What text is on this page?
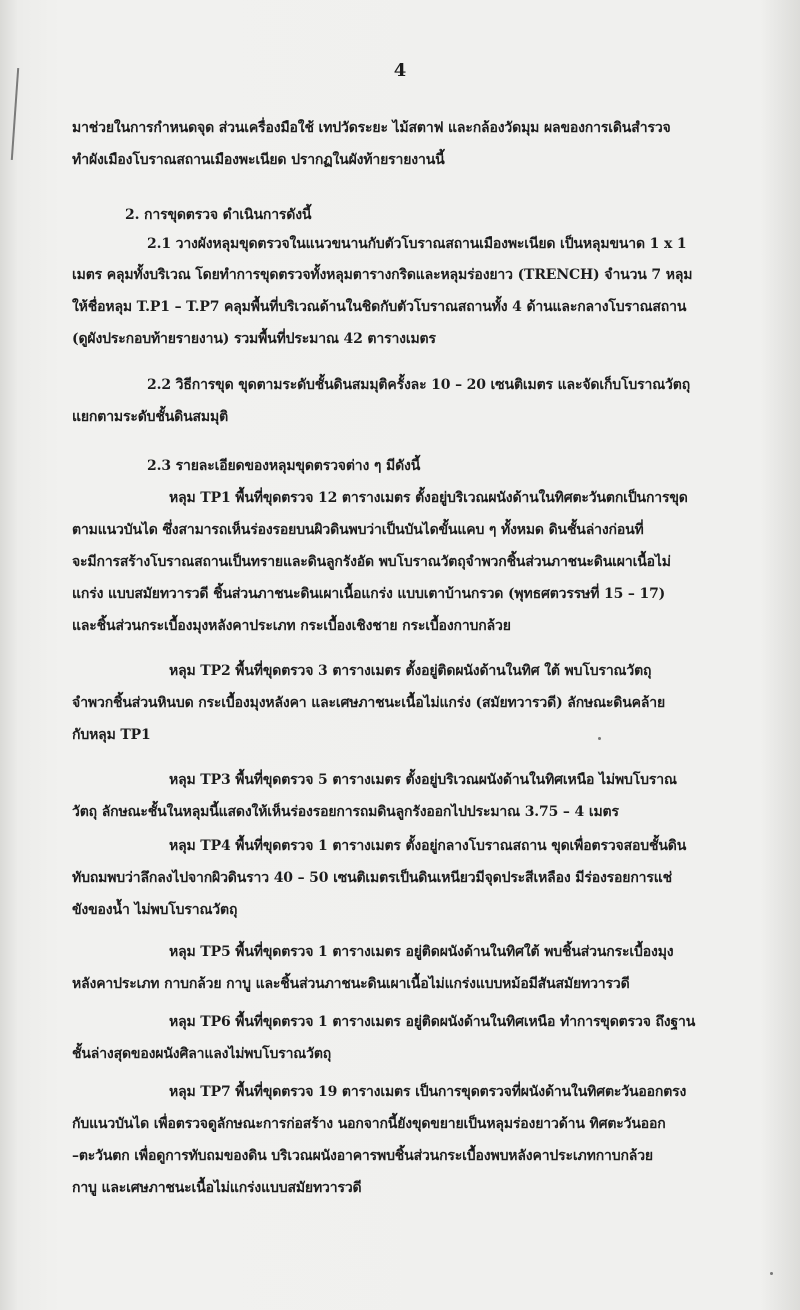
4
มาช่วยในการกำหนดจุด ส่วนเครื่องมือใช้ เทปวัดระยะ ไม้สตาฟ และกล้องวัดมุม ผลของการเดินสำรวจ
ทำผังเมืองโบราณสถานเมืองพะเนียด ปรากฏในผังท้ายรายงานนี้
2. การขุดตรวจ ดำเนินการดังนี้
2.1 วางผังหลุมขุดตรวจในแนวขนานกับตัวโบราณสถานเมืองพะเนียด เป็นหลุมขนาด 1 x 1
เมตร คลุมทั้งบริเวณ โดยทำการขุดตรวจทั้งหลุมตารางกริดและหลุมร่องยาว (TRENCH) จำนวน 7 หลุม
ให้ชื่อหลุม T.P1 – T.P7 คลุมพื้นที่บริเวณด้านในชิดกับตัวโบราณสถานทั้ง 4 ด้านและกลางโบราณสถาน
(ดูผังประกอบท้ายรายงาน) รวมพื้นที่ประมาณ 42 ตารางเมตร
2.2 วิธีการขุด ขุดตามระดับชั้นดินสมมุติครั้งละ 10 – 20 เซนติเมตร และจัดเก็บโบราณวัตถุ
แยกตามระดับชั้นดินสมมุติ
2.3 รายละเอียดของหลุมขุดตรวจต่าง ๆ มีดังนี้
หลุม TP1 พื้นที่ขุดตรวจ 12 ตารางเมตร ตั้งอยู่บริเวณผนังด้านในทิศตะวันตกเป็นการขุด
ตามแนวบันได ซึ่งสามารถเห็นร่องรอยบนผิวดินพบว่าเป็นบันไดขั้นแคบ ๆ ทั้งหมด ดินชั้นล่างก่อนที่
จะมีการสร้างโบราณสถานเป็นทรายและดินลูกรังอัด พบโบราณวัตถุจำพวกชิ้นส่วนภาชนะดินเผาเนื้อไม่
แกร่ง แบบสมัยทวารวดี ชิ้นส่วนภาชนะดินเผาเนื้อแกร่ง แบบเตาบ้านกรวด (พุทธศตวรรษที่ 15 – 17)
และชิ้นส่วนกระเบื้องมุงหลังคาประเภท กระเบื้องเชิงชาย กระเบื้องกาบกล้วย
หลุม TP2 พื้นที่ขุดตรวจ 3 ตารางเมตร ตั้งอยู่ติดผนังด้านในทิศ ใต้ พบโบราณวัตถุ
จำพวกชิ้นส่วนหินบด กระเบื้องมุงหลังคา และเศษภาชนะเนื้อไม่แกร่ง (สมัยทวารวดี) ลักษณะดินคล้าย
กับหลุม TP1
หลุม TP3 พื้นที่ขุดตรวจ 5 ตารางเมตร ตั้งอยู่บริเวณผนังด้านในทิศเหนือ ไม่พบโบราณ
วัตถุ ลักษณะชั้นในหลุมนี้แสดงให้เห็นร่องรอยการถมดินลูกรังออกไปประมาณ 3.75 – 4 เมตร
หลุม TP4 พื้นที่ขุดตรวจ 1 ตารางเมตร ตั้งอยู่กลางโบราณสถาน ขุดเพื่อตรวจสอบชั้นดิน
ทับถมพบว่าลึกลงไปจากผิวดินราว 40 – 50 เซนติเมตรเป็นดินเหนียวมีจุดประสีเหลือง มีร่องรอยการแช่
ขังของน้ำ ไม่พบโบราณวัตถุ
หลุม TP5 พื้นที่ขุดตรวจ 1 ตารางเมตร อยู่ติดผนังด้านในทิศใต้ พบชิ้นส่วนกระเบื้องมุง
หลังคาประเภท กาบกล้วย กาบู และชิ้นส่วนภาชนะดินเผาเนื้อไม่แกร่งแบบหม้อมีสันสมัยทวารวดี
หลุม TP6 พื้นที่ขุดตรวจ 1 ตารางเมตร อยู่ติดผนังด้านในทิศเหนือ ทำการขุดตรวจ ถึงฐาน
ชั้นล่างสุดของผนังศิลาแลงไม่พบโบราณวัตถุ
หลุม TP7 พื้นที่ขุดตรวจ 19 ตารางเมตร เป็นการขุดตรวจที่ผนังด้านในทิศตะวันออกตรง
กับแนวบันได เพื่อตรวจดูลักษณะการก่อสร้าง นอกจากนี้ยังขุดขยายเป็นหลุมร่องยาวด้าน ทิศตะวันออก
–ตะวันตก เพื่อดูการทับถมของดิน บริเวณผนังอาคารพบชิ้นส่วนกระเบื้องพบหลังคาประเภทกาบกล้วย
กาบู และเศษภาชนะเนื้อไม่แกร่งแบบสมัยทวารวดี
